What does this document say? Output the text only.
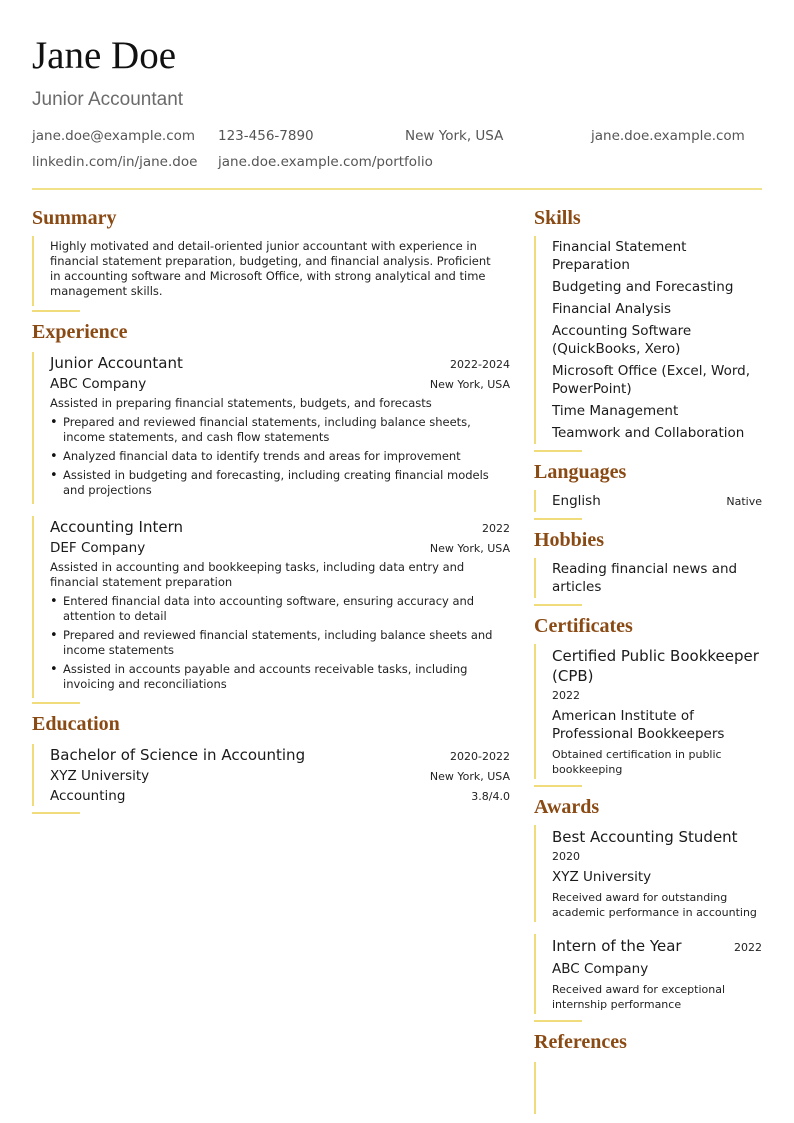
Jane Doe
Junior Accountant
jane.doe@example.com 123-456-7890	New York, USA	jane.doe.example.com
linkedin.com/in/jane.doe jane.doe.example.com/portfolio
Summary

Highly motivated and detail-oriented junior accountant with experience in financial statement preparation, budgeting, and financial analysis. Proficient in accounting software and Microsoft Office, with strong analytical and time management skills.

Experience
Junior Accountant	2022-2024
ABC Company	New York, USA

Assisted in preparing financial statements, budgets, and forecasts

• Prepared and reviewed financial statements, including balance sheets, income statements, and cash flow statements
• Analyzed financial data to identify trends and areas for improvement
• Assisted in budgeting and forecasting, including creating financial models and projections
Accounting Intern	2022
DEF Company	New York, USA

Assisted in accounting and bookkeeping tasks, including data entry and financial statement preparation

• Entered financial data into accounting software, ensuring accuracy and attention to detail
• Prepared and reviewed financial statements, including balance sheets and income statements
• Assisted in accounts payable and accounts receivable tasks, including invoicing and reconciliations
Education
Bachelor of Science in Accounting	2020-2022
XYZ University	New York, USA
Accounting	3.8/4.0
Skills
Financial Statement Preparation
Budgeting and Forecasting
Financial Analysis
Accounting Software (QuickBooks, Xero)
Microsoft Office (Excel, Word, PowerPoint)
Time Management
Teamwork and Collaboration
Languages
English	Native
Hobbies
Reading financial news and articles
Certificates
Certified Public Bookkeeper (CPB)
2022
American Institute of Professional Bookkeepers
Obtained certification in public bookkeeping
Awards
Best Accounting Student
2020
XYZ University
Received award for outstanding academic performance in accounting
Intern of the Year	2022
ABC Company
Received award for exceptional internship performance
References
